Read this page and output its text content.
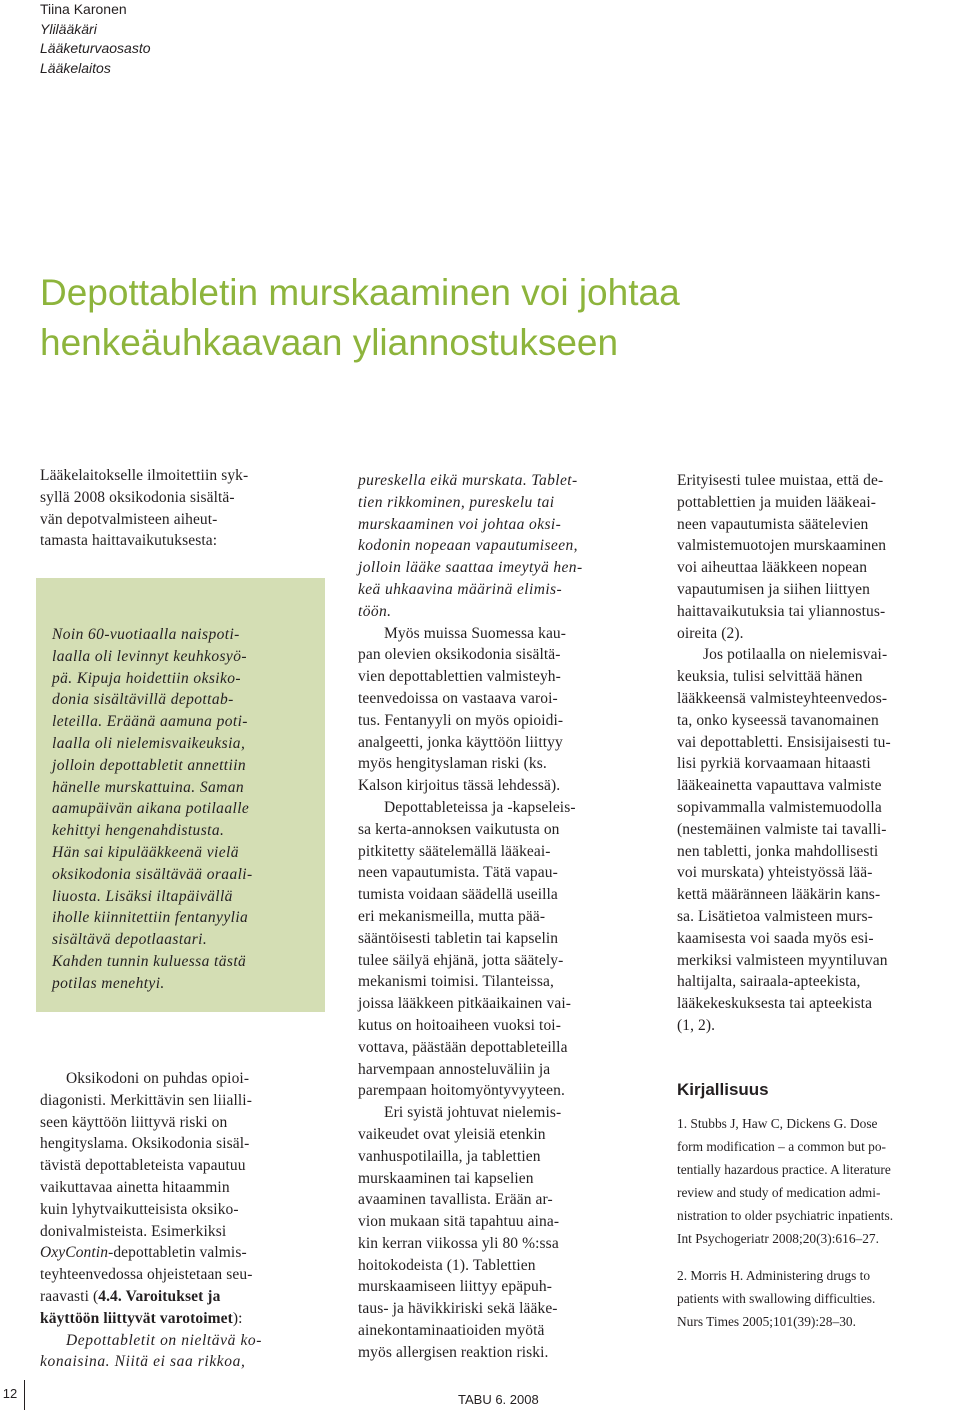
Tiina Karonen
Ylilääkäri
Lääketurvaosasto
Lääkelaitos
Depottabletin murskaaminen voi johtaa
henkeäuhkaavaan yliannostukseen
Lääkelaitokselle ilmoitettiin syk-
syllä 2008 oksikodonia sisältä-
vän depotvalmisteen aiheut-
tamasta haittavaikutuksesta:
Noin 60-vuotiaalla naispoti-
laalla oli levinnyt keuhkosyö-
pä. Kipuja hoidettiin oksiko-
donia sisältävillä depottab-
leteilla. Eräänä aamuna poti-
laalla oli nielemisvaikeuksia,
jolloin depottabletit annettiin
hänelle murskattuina. Saman
aamupäivän aikana potilaalle
kehittyi hengenahdistusta.
Hän sai kipulääkkeenä vielä
oksikodonia sisältävää oraali-
liuosta. Lisäksi iltapäivällä
iholle kiinnitettiin fentanyylia
sisältävä depotlaastari.
Kahden tunnin kuluessa tästä
potilas menehtyi.
Oksikodoni on puhdas opioi-
diagonisti. Merkittävin sen liialli-
seen käyttöön liittyvä riski on
hengityslama. Oksikodonia sisäl-
tävistä depottableteista vapautuu
vaikuttavaa ainetta hitaammin
kuin lyhytvaikutteisista oksiko-
donivalmisteista. Esimerkiksi
OxyContin-depottabletin valmis-
teyhteenvedossa ohjeistetaan seu-
raavasti (4.4. Varoitukset ja
käyttöön liittyvät varotoimet):
Depottabletit on nieltävä ko-
konaisina. Niitä ei saa rikkoa,
pureskella eikä murskata. Tablet-
tien rikkominen, pureskelu tai
murskaaminen voi johtaa oksi-
kodonin nopeaan vapautumiseen,
jolloin lääke saattaa imeytyä hen-
keä uhkaavina määrinä elimis-
töön.
Myös muissa Suomessa kau-
pan olevien oksikodonia sisältä-
vien depottablettien valmisteyh-
teenvedoissa on vastaava varoi-
tus. Fentanyyli on myös opioidi-
analgeetti, jonka käyttöön liittyy
myös hengityslaman riski (ks.
Kalson kirjoitus tässä lehdessä).
Depottableteissa ja -kapseleis-
sa kerta-annoksen vaikutusta on
pitkitetty säätelemällä lääkeai-
neen vapautumista. Tätä vapau-
tumista voidaan säädellä useilla
eri mekanismeilla, mutta pää-
sääntöisesti tabletin tai kapselin
tulee säilyä ehjänä, jotta säätely-
mekanismi toimisi. Tilanteissa,
joissa lääkkeen pitkäaikainen vai-
kutus on hoitoaiheen vuoksi toi-
vottava, päästään depottableteilla
harvempaan annosteluväliin ja
parempaan hoitomyöntyvyyteen.
Eri syistä johtuvat nielemis-
vaikeudet ovat yleisiä etenkin
vanhuspotilailla, ja tablettien
murskaaminen tai kapselien
avaaminen tavallista. Erään ar-
vion mukaan sitä tapahtuu aina-
kin kerran viikossa yli 80 %:ssa
hoitokodeista (1). Tablettien
murskaamiseen liittyy epäpuh-
taus- ja hävikkiriski sekä lääke-
ainekontaminaatioiden myötä
myös allergisen reaktion riski.
Erityisesti tulee muistaa, että de-
pottablettien ja muiden lääkeai-
neen vapautumista säätelevien
valmistemuotojen murskaaminen
voi aiheuttaa lääkkeen nopean
vapautumisen ja siihen liittyen
haittavaikutuksia tai yliannostus-
oireita (2).
Jos potilaalla on nielemisvai-
keuksia, tulisi selvittää hänen
lääkkeensä valmisteyhteenvedos-
ta, onko kyseessä tavanomainen
vai depottabletti. Ensisijaisesti tu-
lisi pyrkiä korvaamaan hitaasti
lääkeainetta vapauttava valmiste
sopivammalla valmistemuodolla
(nestemäinen valmiste tai tavalli-
nen tabletti, jonka mahdollisesti
voi murskata) yhteistyössä lää-
kettä määränneen lääkärin kans-
sa. Lisätietoa valmisteen murs-
kaamisesta voi saada myös esi-
merkiksi valmisteen myyntiluvan
haltijalta, sairaala-apteekista,
lääkekeskuksesta tai apteekista
(1, 2).
Kirjallisuus
1. Stubbs J, Haw C, Dickens G. Dose
form modification – a common but po-
tentially hazardous practice. A literature
review and study of medication admi-
nistration to older psychiatric inpatients.
Int Psychogeriatr 2008;20(3):616–27.
2. Morris H. Administering drugs to
patients with swallowing difficulties.
Nurs Times 2005;101(39):28–30.
12	TABU 6. 2008
